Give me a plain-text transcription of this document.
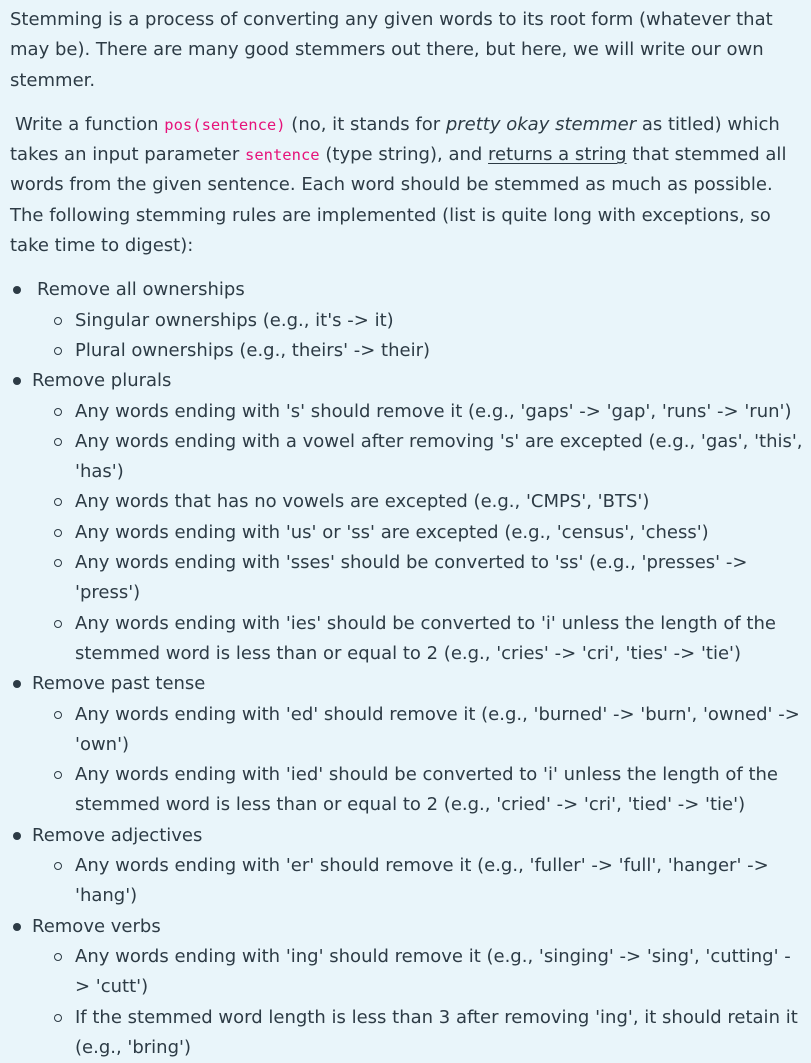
Stemming is a process of converting any given words to its root form (whatever that may be). There are many good stemmers out there, but here, we will write our own stemmer.

Write a function pos(sentence) (no, it stands for pretty okay stemmer as titled) which takes an input parameter sentence (type string), and returns a string that stemmed all words from the given sentence. Each word should be stemmed as much as possible. The following stemming rules are implemented (list is quite long with exceptions, so take time to digest):

Remove all ownerships
Singular ownerships (e.g., it's -> it)
Plural ownerships (e.g., theirs' -> their)
Remove plurals
Any words ending with 's' should remove it (e.g., 'gaps' -> 'gap', 'runs' -> 'run')
Any words ending with a vowel after removing 's' are excepted (e.g., 'gas', 'this', 'has')
Any words that has no vowels are excepted (e.g., 'CMPS', 'BTS')
Any words ending with 'us' or 'ss' are excepted (e.g., 'census', 'chess')
Any words ending with 'sses' should be converted to 'ss' (e.g., 'presses' -> 'press')
Any words ending with 'ies' should be converted to 'i' unless the length of the stemmed word is less than or equal to 2 (e.g., 'cries' -> 'cri', 'ties' -> 'tie')
Remove past tense
Any words ending with 'ed' should remove it (e.g., 'burned' -> 'burn', 'owned' -> 'own')
Any words ending with 'ied' should be converted to 'i' unless the length of the stemmed word is less than or equal to 2 (e.g., 'cried' -> 'cri', 'tied' -> 'tie')
Remove adjectives
Any words ending with 'er' should remove it (e.g., 'fuller' -> 'full', 'hanger' -> 'hang')
Remove verbs
Any words ending with 'ing' should remove it (e.g., 'singing' -> 'sing', 'cutting' -> 'cutt')
If the stemmed word length is less than 3 after removing 'ing', it should retain it (e.g., 'bring')
